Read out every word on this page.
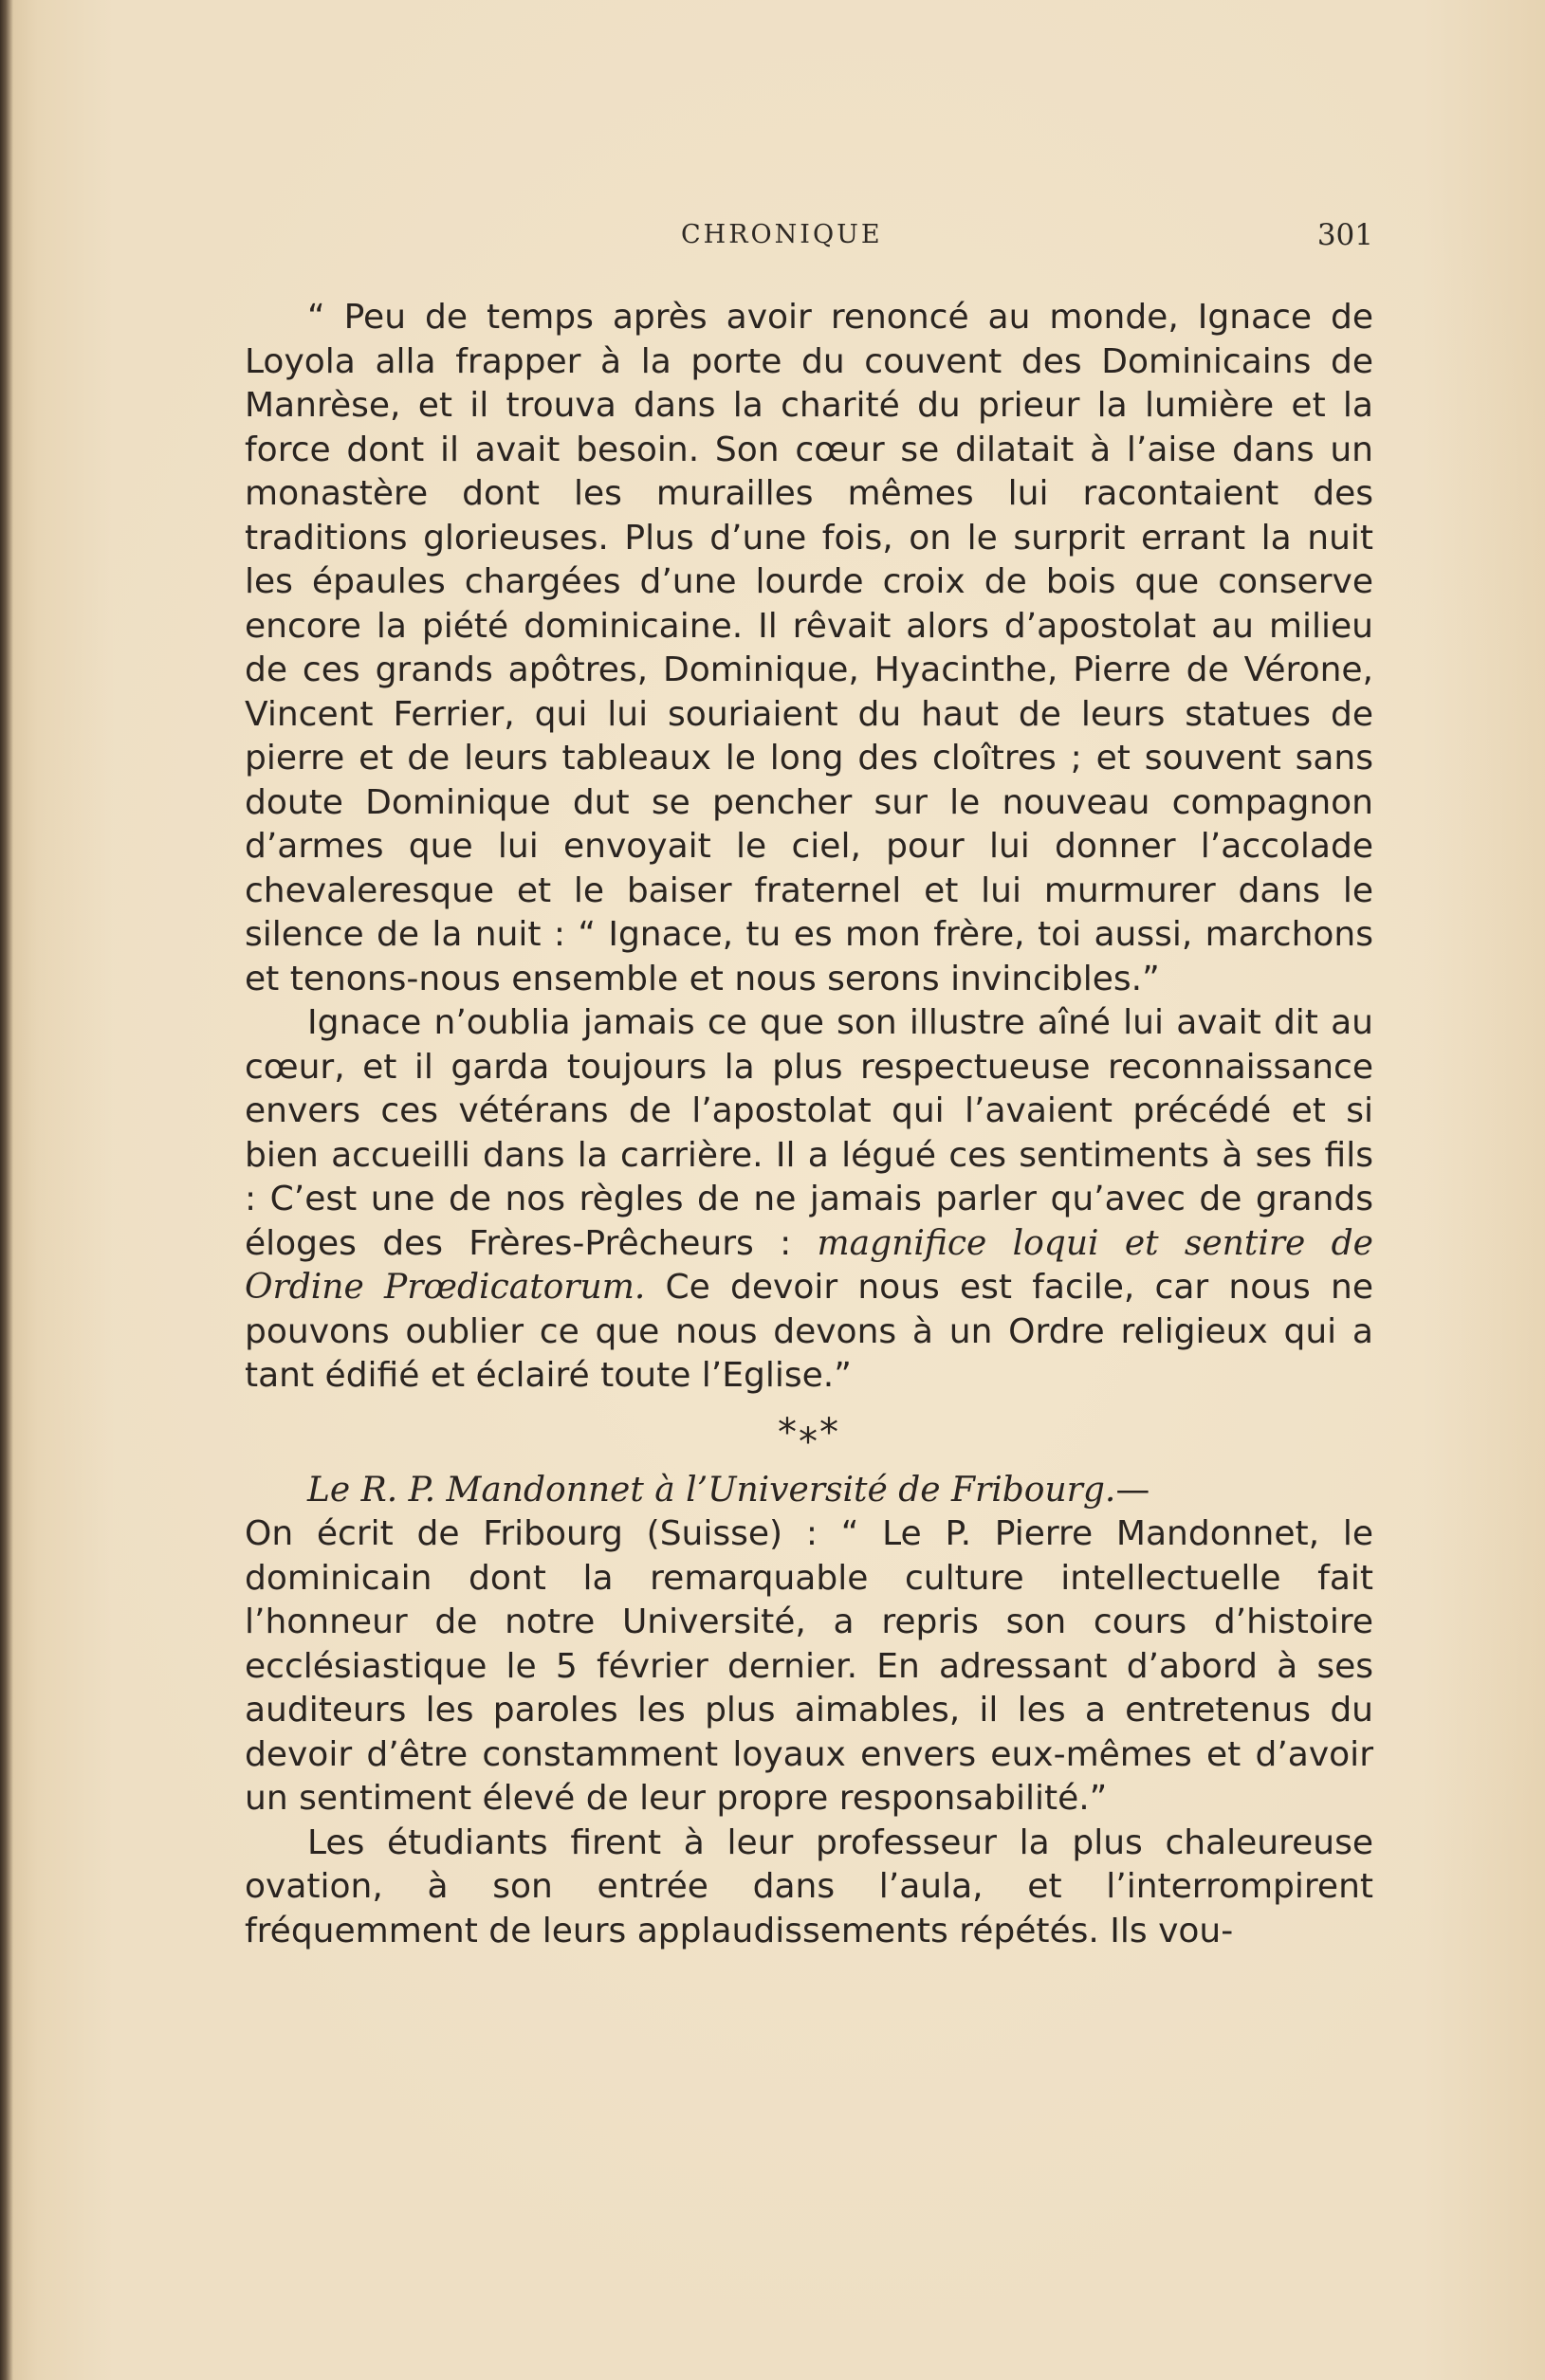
CHRONIQUE	301

“ Peu de temps après avoir renoncé au monde, Ignace de Loyola alla frapper à la porte du couvent des Dominicains de Manrèse, et il trouva dans la charité du prieur la lumière et la force dont il avait besoin. Son cœur se dilatait à l’aise dans un monastère dont les murailles mêmes lui racontaient des traditions glorieuses. Plus d’une fois, on le surprit errant la nuit les épaules chargées d’une lourde croix de bois que conserve encore la piété dominicaine. Il rêvait alors d’apostolat au milieu de ces grands apôtres, Dominique, Hyacinthe, Pierre de Vérone, Vincent Ferrier, qui lui souriaient du haut de leurs statues de pierre et de leurs tableaux le long des cloîtres ; et souvent sans doute Dominique dut se pencher sur le nouveau compagnon d’armes que lui envoyait le ciel, pour lui donner l’accolade chevaleresque et le baiser fraternel et lui murmurer dans le silence de la nuit : “ Ignace, tu es mon frère, toi aussi, marchons et tenons-nous ensemble et nous serons invincibles.”

Ignace n’oublia jamais ce que son illustre aîné lui avait dit au cœur, et il garda toujours la plus respectueuse reconnaissance envers ces vétérans de l’apostolat qui l’avaient précédé et si bien accueilli dans la carrière. Il a légué ces sentiments à ses fils : C’est une de nos règles de ne jamais parler qu’avec de grands éloges des Frères-Prêcheurs : magnifice loqui et sentire de Ordine Prœdicatorum. Ce devoir nous est facile, car nous ne pouvons oublier ce que nous devons à un Ordre religieux qui a tant édifié et éclairé toute l’Eglise.”

***

Le R. P. Mandonnet à l’Université de Fribourg.—

On écrit de Fribourg (Suisse) : “ Le P. Pierre Mandonnet, le dominicain dont la remarquable culture intellectuelle fait l’honneur de notre Université, a repris son cours d’histoire ecclésiastique le 5 février dernier. En adressant d’abord à ses auditeurs les paroles les plus aimables, il les a entretenus du devoir d’être constamment loyaux envers eux-mêmes et d’avoir un sentiment élevé de leur propre responsabilité.”

Les étudiants firent à leur professeur la plus chaleureuse ovation, à son entrée dans l’aula, et l’interrompirent fréquemment de leurs applaudissements répétés. Ils vou-
